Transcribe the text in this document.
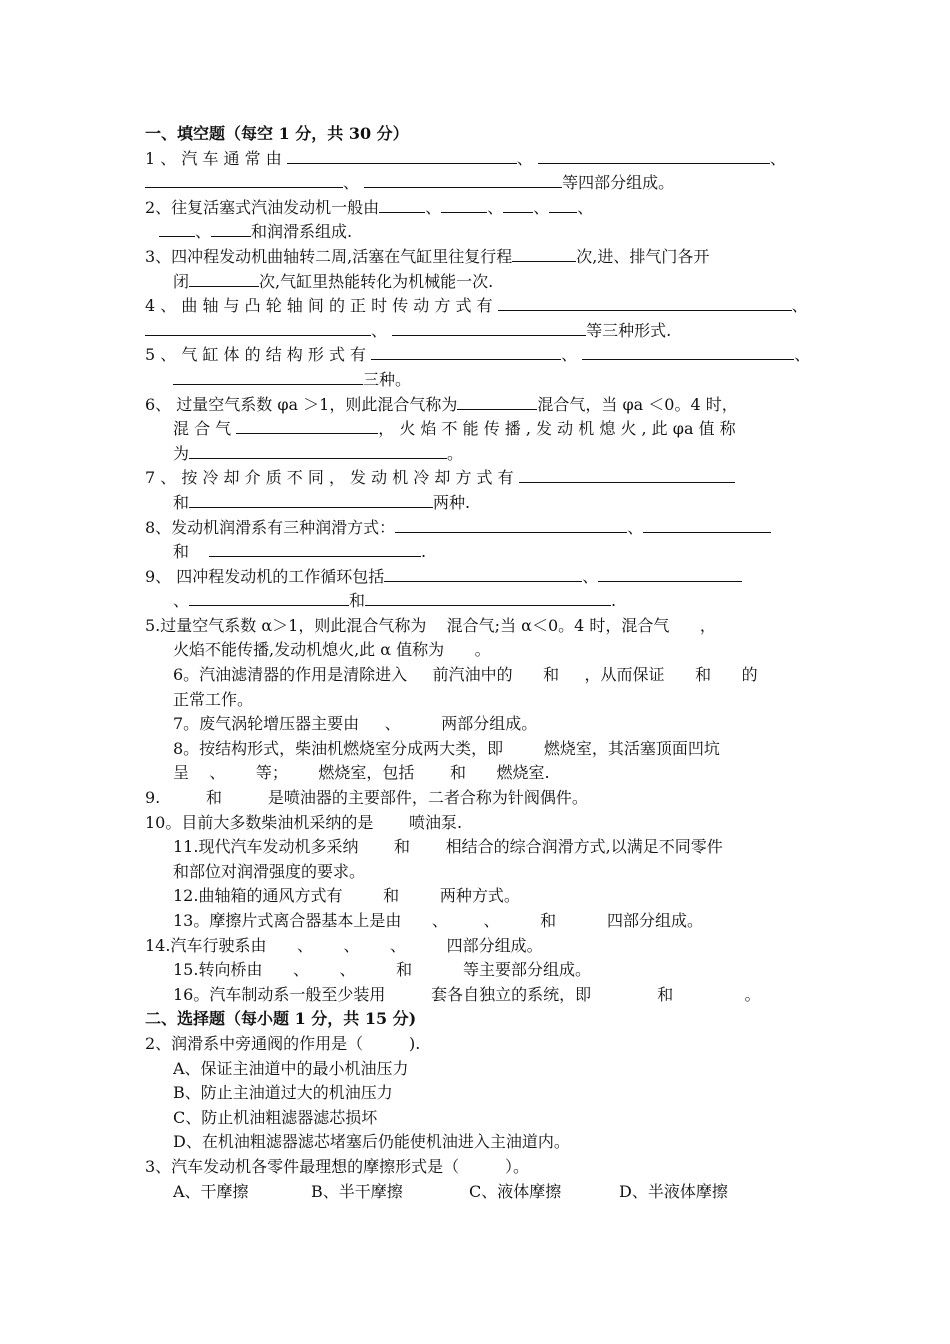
一、填空题（每空 1 分，共 30 分）
1 、 汽 车 通 常 由	、	、
、	等四部分组成。
2、往复活塞式汽油发动机一般由	、	、 、 、
、	和润滑系组成.
3、四冲程发动机曲轴转二周,活塞在气缸里往复行程	次,进、排气门各开
闭	次,气缸里热能转化为机械能一次.
4 、 曲 轴 与 凸 轮 轴 间 的 正 时 传 动 方 式 有	、
、	等三种形式.
5 、 气 缸 体 的 结 构 形 式 有	、	、
三种。
6、 过量空气系数 φa ＞1，则此混合气称为	混合气，当 φa ＜0。4 时，
混 合 气	， 火 焰 不 能 传 播 , 发 动 机 熄 火 , 此 φa 值 称
为	。
7 、 按 冷 却 介 质 不 同 ， 发 动 机 冷 却 方 式 有
和	两种.
8、发动机润滑系有三种润滑方式：	、
和	.
9、 四冲程发动机的工作循环包括	、
、	和	.
5.过量空气系数 α＞1，则此混合气称为    混合气;当 α＜0。4 时，混合气      ，
火焰不能传播,发动机熄火,此 α 值称为      。
6。汽油滤清器的作用是清除进入     前汽油中的      和     ，从而保证      和      的
正常工作。
7。废气涡轮增压器主要由     、        两部分组成。
8。按结构形式，柴油机燃烧室分成两大类，即        燃烧室，其活塞顶面凹坑
呈    、      等；      燃烧室，包括       和      燃烧室.
9.         和         是喷油器的主要部件，二者合称为针阀偶件。
10。目前大多数柴油机采纳的是       喷油泵.
11.现代汽车发动机多采纳       和       相结合的综合润滑方式,以满足不同零件
和部位对润滑强度的要求。
12.曲轴箱的通风方式有        和        两种方式。
13。摩擦片式离合器基本上是由      、       、        和          四部分组成。
14.汽车行驶系由      、      、      、        四部分组成。
15.转向桥由      、      、        和          等主要部分组成。
16。汽车制动系一般至少装用         套各自独立的系统，即             和              。
二、选择题（每小题 1 分，共 15 分)
2、润滑系中旁通阀的作用是（         ).
A、保证主油道中的最小机油压力
B、防止主油道过大的机油压力
C、防止机油粗滤器滤芯损坏
D、在机油粗滤器滤芯堵塞后仍能使机油进入主油道内。
3、汽车发动机各零件最理想的摩擦形式是（         ）。
A、干摩擦	B、半干摩擦	C、液体摩擦	D、半液体摩擦
